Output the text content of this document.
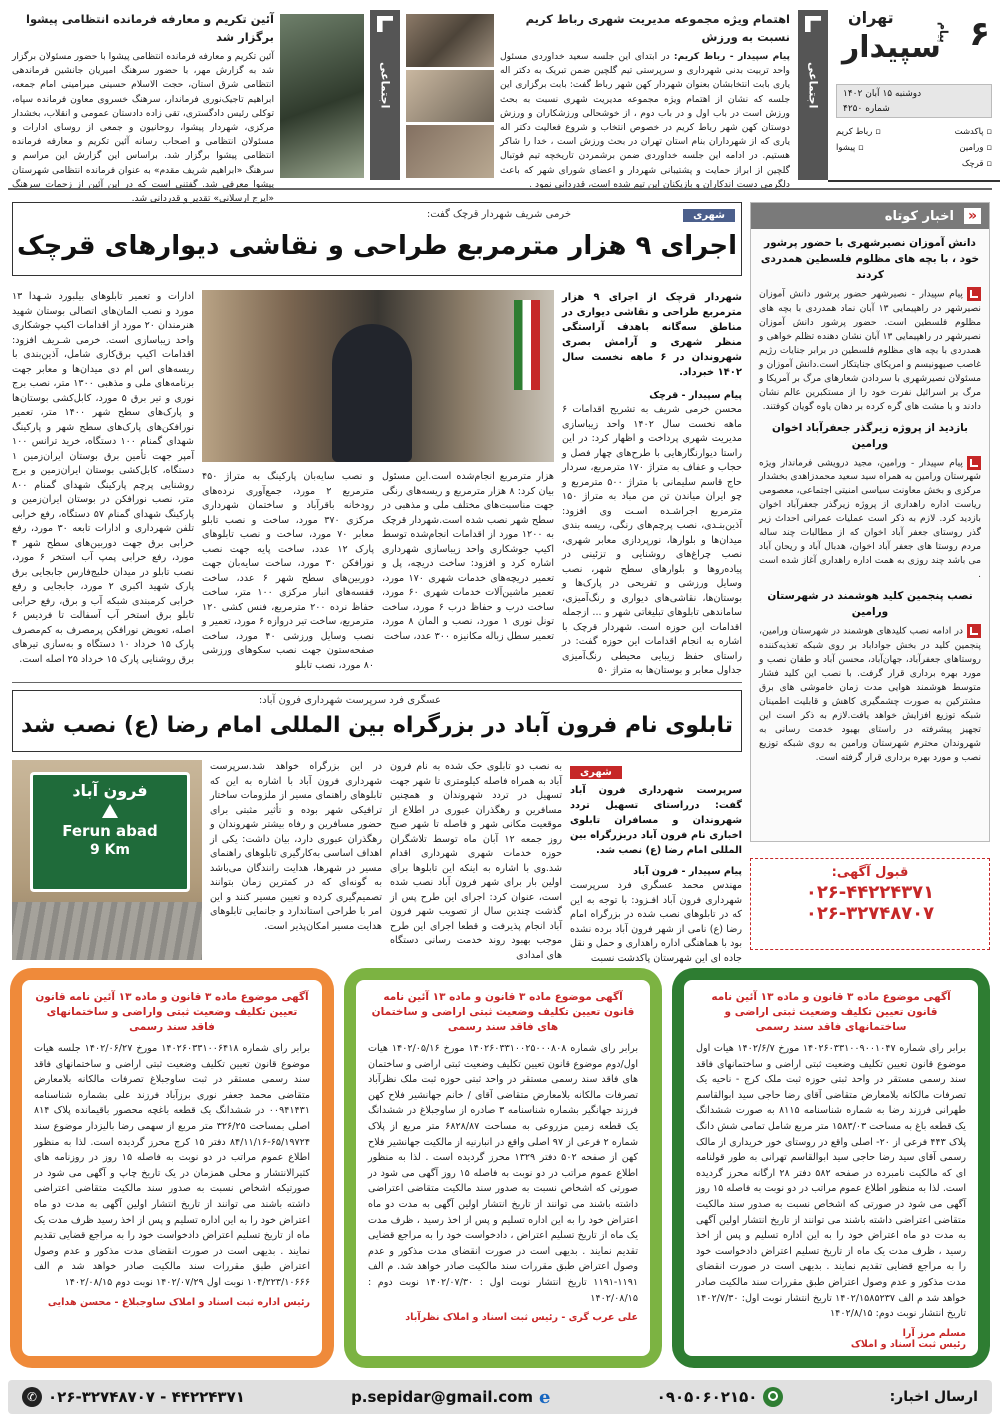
۶
تهران
پیام
سپیدار
دوشنبه ۱۵ آبان ۱۴۰۲
شماره ۴۲۵۰
▫ پاکدشت
▫ رباط کریم
▫ ورامین
▫ پیشوا
▫ قرچک
اجتماعی
اهتمام ویژه مجموعه مدیریت شهری رباط کریم نسبت به ورزش
پیام سپیدار - رباط کریم: در ابتدای این جلسه سعید خداوردی مسئول واحد تربیت بدنی شهرداری و سرپرستی تیم گلچین ضمن تبریک به دکتر اله یاری بابت انتخابشان بعنوان شهردار کهن شهر رباط گفت: بابت برگزاری این جلسه که نشان از اهتمام ویژه مجموعه مدیریت شهری نسبت به بحث ورزش است در باب اول و در باب دوم ، از خوشحالی ورزشکاران و ورزش دوستان کهن شهر رباط کریم در خصوص انتخاب و شروع فعالیت دکتر اله یاری که از شهرداران بنام استان تهران در بحث ورزش است ، خدا را شاکر هستیم. در ادامه این جلسه خداوردی ضمن برشمردن تاریخچه تیم فوتبال گلچین از ابراز حمایت و پشتیبانی شهردار و اعضای شورای شهر که باعث دلگرمی دست اندکاران و بازیکنان این تیم شده است، قدردانی نمود .
اجتماعی
آئین تکریم و معارفه فرمانده انتظامی پیشوا برگزار شد
آئین تکریم و معارفه فرمانده انتظامی پیشوا با حضور مسئولان برگزار شد به گزارش مهر، با حضور سرهنگ امیریان جانشین فرماندهی انتظامی شرق استان، حجت الاسلام حسینی میرامینی امام جمعه، ابراهیم تاجیک‌نوری فرماندار، سرهنگ خسروی معاون فرمانده سپاه، توکلی رئیس دادگستری، تقی زاده دادستان عمومی و انقلاب، بخشدار مرکزی، شهردار پیشوا، روحانیون و جمعی از روسای ادارات و مسئولان انتظامی و اصحاب رسانه آئین تکریم و معارفه فرمانده انتظامی پیشوا برگزار شد. براساس این گزارش این مراسم و سرهنگ «ابراهیم شریف مقدم» به عنوان فرمانده انتظامی شهرستان پیشوا معرفی شد. گفتنی است که در این آئین از زحمات سرهنگ «ایرج ارسلانی» تقدیر و قدردانی شد.
خرمی شریف شهردار قرچک گفت:	شهری
اجرای ۹ هزار مترمربع طراحی و نقاشی دیوارهای قرچک
شهردار قرچک از اجرای ۹ هزار مترمربع طراحی و نقاشی دیواری در مناطق سه‌گانه باهدف آراستگی منظر شهری و آرامش بصری شهروندان در ۶ ماهه نخست سال ۱۴۰۲ خبرداد.
پیام سپیدار - قرچک
محسن خرمی شریف به تشریح اقدامات ۶ ماهه نخست سال ۱۴۰۲ واحد زیباسازی مدیریت شهری پرداخت و اظهار کرد: در این راستا دیوارنگارهایی با طرح‌های چهار فصل و حجاب و عفاف به متراژ ۱۷۰ مترمربع، سردار حاج قاسم سلیمانی با متراژ ۵۰۰ مترمربع و چو ایران میاندن تن من مباد به متراژ ۱۵۰ مترمربع اجراشـده اسـت وی افزود: آذین‌بنـدی، نصب پرچم‌های رنگی، ریسه بندی میدان‌ها و بلوارها، نورپردازی معابر شهری، نصب چراغ‌های روشنایی و تزئینی در پیاده‌روها و بلوارهای سطح شهر، نصب وسایل ورزشی و تفریحی در پارک‌ها و بوستان‌ها، نقاشی‌های دیواری و رنگ‌آمیزی، ساماندهی تابلوهای تبلیغاتی شهر و ... ازجمله اقدامات این حوزه است. شهردار قرچک با اشاره به انجام اقدامات این حوزه گفت: در راستای حفظ زیبایی محیطی رنگ‌آمیزی جداول معابر و بوستان‌ها به متراژ ۵۰
هزار مترمربع انجام‌شده است.این مسئول بیان کرد: ۸ هزار مترمربع و ریسه‌های رنگی جهت مناسبت‌های مختلف ملی و مذهبی در سطح شهر نصب شده است.شهردار قرچک به ۱۲۰۰ مورد از اقدامات انجام‌شده توسط اکیپ جوشکاری واحد زیباسازی شهرداری اشاره کرد و افزود: ساخت دریچه، پل و تعمیر دریچه‌های خدمات شهری ۱۷۰ مورد، تعمیر ماشین‌آلات خدمات شهری ۶۰ مورد، ساخت درب و حفاظ درب ۶ مورد، ساخت تونل نوری ۱ مورد، نصب و المان ۸ مورد، تعمیر سطل زباله مکانیزه ۳۰۰ عدد، ساخت
و نصب سایه‌بان پارکینگ به متراژ ۴۵۰ مترمربع ۲ مورد، جمع‌آوری نرده‌های رودخانه باقرآباد و ساختمان شهرداری مرکزی ۳۷۰ مورد، ساخت و نصب تابلو معابر ۷۰ مورد، ساخت و نصب تابلوهای پارک ۱۲ عدد، ساخت پایه جهت نصب نورافکن ۳۰ مورد، ساخت سایه‌بان جهت دوربین‌های سطح شهر ۶ عدد، ساخت قفسه‌های انبار مرکزی ۱۰۰ متر، ساخت حفاظ نرده ۲۰۰ مترمربع، فنس کشی ۱۲۰ مترمربع، ساخت تیر دروازه ۶ مورد، تعمیر و نصب وسایل ورزشی ۴۰ مورد، ساخت صفحه‌ستون جهت نصب سکوهای ورزشی ۸۰ مورد، نصب تابلو
ادارات و تعمیر تابلوهای بیلبورد شـهدا ۱۳ مورد و نصب المان‌های اتصالی بوستان شهید هنرمندان ۲۰ مورد از اقدامات اکیپ جوشکاری واحد زیباسازی است. خرمی شـریف افزود: اقدامات اکیپ برق‌کاری شامل، آذین‌بندی با ریسه‌های اس ام دی میدان‌ها و معابر جهت برنامه‌های ملی و مذهبی ۱۳۰۰ متر، نصب برج نوری و تیر برق ۵ مورد، کابل‌کشی بوستان‌ها و پارک‌های سطح شهر ۱۴۰۰ متر، تعمیر نورافکن‌های پارک‌های سطح شهر و پارکینگ شهدای گمنام ۱۰۰ دستگاه، خرید ترانس ۱۰۰ آمپر جهت تأمین برق بوستان ایران‌زمین ۱ دستگاه، کابل‌کشی بوستان ایران‌زمین و برج روشنایی پرچم پارکینگ شهدای گمنام ۸۰۰ متر، نصب نورافکن در بوستان ایران‌زمین و پارکینگ شهدای گمنام ۵۷ دستگاه، رفع خرابی تلفن شهرداری و ادارات تابعه ۳۰ مورد، رفع خرابی برق جهت دوربین‌های سطح شهر ۴ مورد، رفع حرابی پمپ آب استخر ۶ مورد، نصب تابلو در میدان خلیج‌فارس جابجایی برق پارک شهید اکبری ۲ مورد، جابجایی و رفع خرابی کرمبندی شبکه آب و برق، رفع حرابی تابلو برق استخر آب آسفالت تا فردیس ۶ اصله، تعویض نورافکن پرمصرف به کم‌مصرف پارک ۱۵ خرداد ۱۰ دستگاه و به‌سازی تیرهای برق روشنایی پارک ۱۵ خرداد ۲۵ اصله است.
«
اخبار کوتاه
دانش آموزان نصیرشهری با حضور پرشور خود ، با بچه های مظلوم فلسطین همدردی کردند
پیام سپیدار - نصیرشهر حضور پرشور دانش آموزان نصیرشهر در راهپیمایی ۱۳ آبان نماد همدردی با بچه های مظلوم فلسطین است. حضور پرشور دانش آموزان نصیرشهر در راهپیمایی ۱۳ آبان نشان دهنده تظلم خواهی و همدردی با بچه های مظلوم فلسطین در برابر جنایات رژیم غاصب صیهونیسم و امریکای جنایتکار است.دانش آموزان و مسئولان نصیرشهری با سردادن شعارهای مرگ بر آمریکا و مرگ بر اسرائیل نفرت خود را از مستکبرین عالم نشان دادند و با مشت های گره کرده بر دهان یاوه گویان کوفتند.
بازدید از پروژه زیرگذر جعفرآباد اخوان ورامین
پیام سپیدار - ورامین، مجید درویشی فرماندار ویژه شهرستان ورامین به همراه سید سعید محمدزاهدی بخشدار مرکزی و بخش معاونت سیاسی امنیتی اجتماعی، معصومی ریاست اداره راهداری از پروژه زیرگذر جعفرآباد اخوان بازدید کرد. لازم به ذکر است عملیات عمرانی احداث زیر گذر روستای جعفر آباد اخوان که از مطالبات چند ساله مردم روستا های جعفر آباد اخوان، هدبال آباد و ریحان آباد می باشد چند روزی به همت اداره راهداری آغاز شده است .
نصب پنجمین کلید هوشمند در شهرستان ورامین
در ادامه نصب کلیدهای هوشمند در شهرستان ورامین، پنجمین کلید در بخش جواداباد بر روی شبکه تغذیه‌کننده روستاهای جعفرآباد، جهان‌آباد، محسن آباد و طفان نصب و مورد بهره برداری قرار گرفت. با نصب این کلید فشار متوسط هوشمند هوایی مدت زمان خاموشی های برق مشترکین به صورت چشمگیری کاهش و قابلیت اطمینان شبکه توزیع افزایش خواهد یافت.لازم به ذکر است این تجهیز پیشرفته در راستای بهبود خدمت رسانی به شهروندان محترم شهرستان ورامین به روی شبکه توزیع نصب و مورد بهره برداری قرار گرفته است.
قبول آگهی:
۰۲۶-۴۴۲۲۴۳۷۱
۰۲۶-۳۲۷۴۸۷۰۷
عسگری فرد سرپرست شهرداری فرون آباد:
تابلوی نام فرون آباد در بزرگراه بین المللی امام رضا (ع) نصب شد
شهری
سرپرست شهرداری فرون آباد گفت: درراستای تسهیل تردد شهروندان و مسافران تابلوی اخباری نام فرون آباد دربزرگراه بین المللی امام رضا (ع) نصب شد.
پیام سپیدار - فرون آباد
مهندس محمد عسگری فرد سرپرست شهرداری فرون آباد افـزود: با توجه به این که در تابلوهای نصب شده در بزرگراه امام رضا (ع) نامی از شهر فرون آباد برده نشده بود با هماهنگی اداره راهداری و حمل و نقل جاده ای این شهرستان پاکدشت نسبت
به نصب دو تابلوی حک شده به نام فرون آباد به همراه فاصله کیلومتری تا شهر جهت تسهیل در تردد شهروندان و همچنین مسافرین و رهگذران عبوری در اطلاع از موقعیت مکانی شهر و فاصله تا شهر صبح روز جمعه ۱۲ آبان ماه توسط تلاشگران حوزه خدمات شهری شهرداری اقدام شد.وی با اشاره به اینکه این تابلوها برای اولین بار برای شهر فرون آباد نصب شده است، عنوان کرد: اجرای این طرح پس از گذشت چندین سال از تصویب شهر فرون آباد انجام پذیرفت و قطعا اجرای این طرح موجب بهبود روند خدمت رسانی دستگاه های امدادی
در این بزرگراه خواهد شد.سرپرست شهرداری فرون آباد با اشاره به این که تابلوهای راهنمای مسیر از ملزومات ساختار ترافیکی شهر بوده و تأثیر مثبتی برای حضور مسافرین و رفاه بیشتر شهروندان و رهگذران عبوری دارد، بیان داشت: یکی از اهداف اساسی به‌کارگیری تابلوهای راهنمای مسیر در شهرها، هدایت رانندگان می‌باشد به گونه‌ای که در کمترین زمان بتوانند تصمیم‌گیری کرده و تعیین مسیر کنند و این امر با طراحی استاندارد و جانمایی تابلوهای هدایت مسیر امکان‌پذیر است.
فرون آباد
Ferun abad
9 Km
آگهی موضوع ماده ۳ قانون و ماده ۱۳ آئین نامه قانون تعیین تکلیف وضعیت ثبتی اراضی و ساختمانهای فاقد سند رسمی
برابر رای شماره ۱۴۰۲۶۰۳۳۱۰۰۹۰۰۱۰۴۷ مورخ ۱۴۰۲/۶/۷ هیات اول موضوع قانون تعیین تکلیف وضعیت ثبتی اراضی و ساختمانهای فاقد سند رسمی مستقر در واحد ثبتی حوزه ثبت ملک کرج - ناحیه یک تصرفات مالکانه بلامعارض متقاضی آقای رضا حاجی سید ابوالقاسم طهرانی فرزند رضا به شماره شناسنامه ۸۱۱۵ به صورت ششدانگ یک قطعه باغ به مساحت ۱۵۸۳/۰۳ متر مربع شامل تمامی شش دانگ پلاک ۴۴۳ فرعی از ۲۰- اصلی واقع در روستای خور خریداری از مالک رسمی آقای سید رضا حاجی سید ابوالقاسم تهرانی به طور قولنامه ای که مالکیت نامبرده در صفحه ۵۸۲ دفتر ۲۸ ارگانه محرز گردیده است. لذا به منظور اطلاع عموم مراتب در دو نوبت به فاصله ۱۵ روز آگهی می شود در صورتی که اشخاص نسبت به صدور سند مالکیت متقاضی اعتراضی داشته باشند می توانند از تاریخ انتشار اولین آگهی به مدت دو ماه اعتراض خود را به این اداره تسلیم و پس از اخذ رسید ، ظرف مدت یک ماه از تاریخ تسلیم اعتراض دادخواست خود را به مراجع قضایی تقدیم نمایند . بدیهی است در صورت انقضای مدت مذکور و عدم وصول اعتراض طبق مقررات سند مالکیت صادر خواهد شد م الف ۱۴۰۲/۱۵۸۵۲۳۷ تاریخ انتشار نوبت اول: ۱۴۰۲/۷/۳۰ تاریخ انتشار نوبت دوم: ۱۴۰۲/۸/۱۵
مسلم مرز آرا
رئیس ثبت اسناد و املاک
آگهی موضوع ماده ۳ قانون و ماده ۱۳ آئین نامه قانون تعیین تکلیف وضعیت ثبتی اراضی و ساختمان های فاقد سند رسمی
برابر رای شماره ۱۴۰۲۶۰۳۳۱۰۰۲۵۰۰۰۸۰۸ مورخ ۱۴۰۲/۰۵/۱۶ هیات اول/دوم موضوع قانون تعیین تکلیف وضعیت ثبتی اراضی و ساختمان های فاقد سند رسمی مستقر در واحد ثبتی حوزه ثبت ملک نظرآباد تصرفات مالکانه بلامعارض متقاضی آقای / خانم جهانشیر فلاح کهن فرزند جهانگیر بشماره شناسنامه ۳ صادره از ساوجبلاغ در ششدانگ یک قطعه زمین مزروعی به مساحت ۶۸۲۸/۸۷ متر مربع از پلاک شماره ۲ فرعی از ۹۷ اصلی واقع در انبارنیه از مالکیت جهانشیر فلاح کهن از صفحه ۵۰۲ دفتر ۱۳۲۹ محرز گردیده است . لذا به منظور اطلاع عموم مراتب در دو نوبت به فاصله ۱۵ روز آگهی می شود در صورتی که اشخاص نسبت به صدور سند مالکیت متقاضی اعتراضی داشته باشند می توانند از تاریخ انتشار اولین آگهی به مدت دو ماه اعتراض خود را به این اداره تسلیم و پس از اخذ رسید ، ظرف مدت یک ماه از تاریخ تسلیم اعتراض ، دادخواست خود را به مراجع قضایی تقدیم نمایند . بدیهی است در صورت انقضای مدت مذکور و عدم وصول اعتراض طبق مقررات سند مالکیت صادر خواهد شد. م الف ۱۱۹۱-۱۱۹۱ تاریخ انتشار نوبت اول : ۱۴۰۲/۰۷/۳۰ نوبت دوم : ۱۴۰۲/۰۸/۱۵
علی عرب گری - رئیس ثبت اسناد و املاک نظرآباد
آگهی موضوع ماده ۳ قانون و ماده ۱۳ آئین نامه قانون تعیین تکلیف وضعیت ثبتی واراضی و ساختمانهای فاقد سند رسمی
برابر رای شماره ۱۴۰۲۶۰۳۳۱۰۰۶۴۱۸ مورخ ۱۴۰۲/۰۶/۲۷ جلسه هیات موضوع قانون تعیین تکلیف وضعیت ثبتی اراضی و ساختمانهای فاقد سند رسمی مستقر در ثبت ساوجبلاغ تصرفات مالکانه بلامعارض متقاضی محمد جعفر نوری برزآباد فرزند علی بشماره شناسنامه ۰۰۹۴۱۴۳۱ در ششدانگ یک قطعه باغچه محصور باقیمانده پلاک ۸۱۴ اصلی بمساحت ۳۲۶/۲۵ متر مربع از سهمی رضا بالیزدار موضوع سند ۶۵/۱۹۷۲۴-۸۴/۱۱/۱۶ دفتر ۱۵ کرج محرز گردیده است. لذا به منظور اطلاع عموم مراتب در دو نوبت به فاصله ۱۵ روز در روزنامه های کثیرالانتشار و محلی همزمان در یک تاریخ چاپ و آگهی می شود در صورتیکه اشخاص نسبت به صدور سند مالکیت متقاضی اعتراضی داشته باشند می توانند از تاریخ انتشار اولین آگهی به مدت دو ماه اعتراض خود را به این اداره تسلیم و پس از اخذ رسید ظرف مدت یک ماه از تاریخ تسلیم اعتراض دادخواست خود را به مراجع قضایی تقدیم نمایند . بدیهی است در صورت انقضای مدت مذکور و عدم وصول اعتراض طبق مقررات سند مالکیت صادر خواهد شد م الف ۱۰۴/۲۲۳/۱۰۶۶۶ نوبت اول ۱۴۰۲/۰۷/۲۹ نوبت دوم ۱۴۰۲/۰۸/۱۵
رئیس اداره ثبت اسناد و املاک ساوجبلاغ - محسن هدایی
ارسال اخبار:
۰۹۰۵۰۶۰۲۱۵۰
e
p.sepidar@gmail.com
۰۲۶-۳۲۷۴۸۷۰۷ - ۴۴۲۲۴۳۷۱
✆
